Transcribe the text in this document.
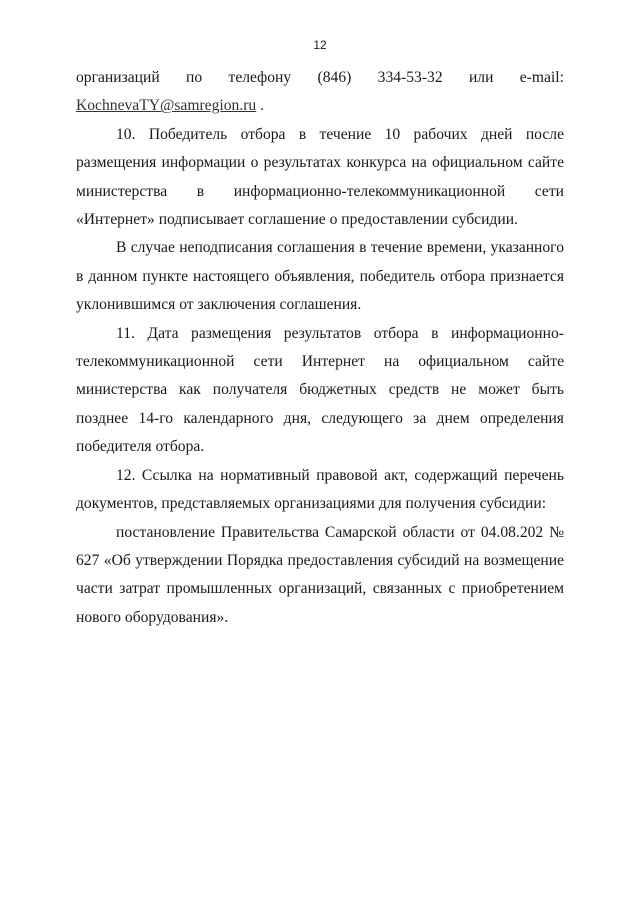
12
организаций по телефону (846) 334-53-32 или e-mail:

KochnevaTY@samregion.ru .

10. Победитель отбора в течение 10 рабочих дней после размещения информации о результатах конкурса на официальном сайте министерства в информационно-телекоммуникационной сети «Интернет» подписывает соглашение о предоставлении субсидии.

В случае неподписания соглашения в течение времени, указанного в данном пункте настоящего объявления, победитель отбора признается уклонившимся от заключения соглашения.

11. Дата размещения результатов отбора в информационно-телекоммуникационной сети Интернет на официальном сайте министерства как получателя бюджетных средств не может быть позднее 14-го календарного дня, следующего за днем определения победителя отбора.

12. Ссылка на нормативный правовой акт, содержащий перечень документов, представляемых организациями для получения субсидии:

постановление Правительства Самарской области от 04.08.202 № 627 «Об утверждении Порядка предоставления субсидий на возмещение части затрат промышленных организаций, связанных с приобретением нового оборудования».
